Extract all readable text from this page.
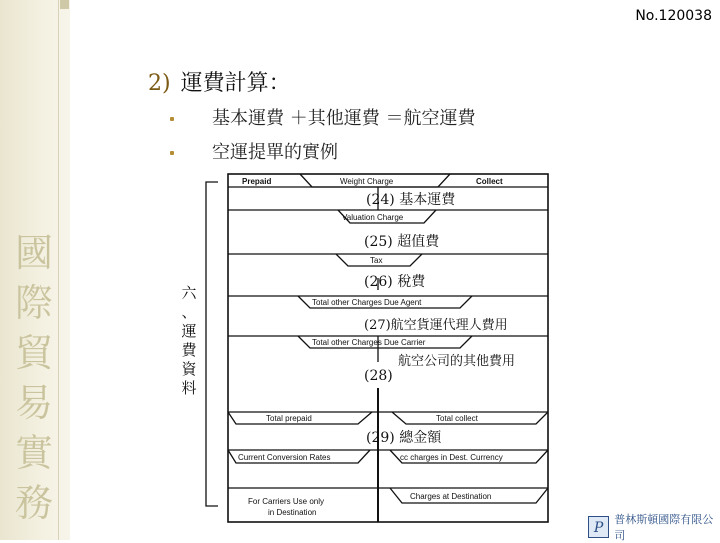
國
際
貿
易
實
務
No.120038
2) 運費計算：
基本運費 ＋其他運費 ＝航空運費
空運提單的實例
六
、
運
費
資
料
Prepaid	Weight Charge	Collect
Valuation Charge
Tax
Total other Charges Due Agent
Total other Charges Due Carrier
Total prepaid	Total collect
Current Conversion Rates	cc charges in Dest. Currency
For Carriers Use only
in Destination
Charges at Destination
(24) 基本運費
(25) 超值費
(26) 稅費
(27)航空貨運代理人費用
航空公司的其他費用
(28)
(29) 總金額
P
普林斯頓國際有限公司
